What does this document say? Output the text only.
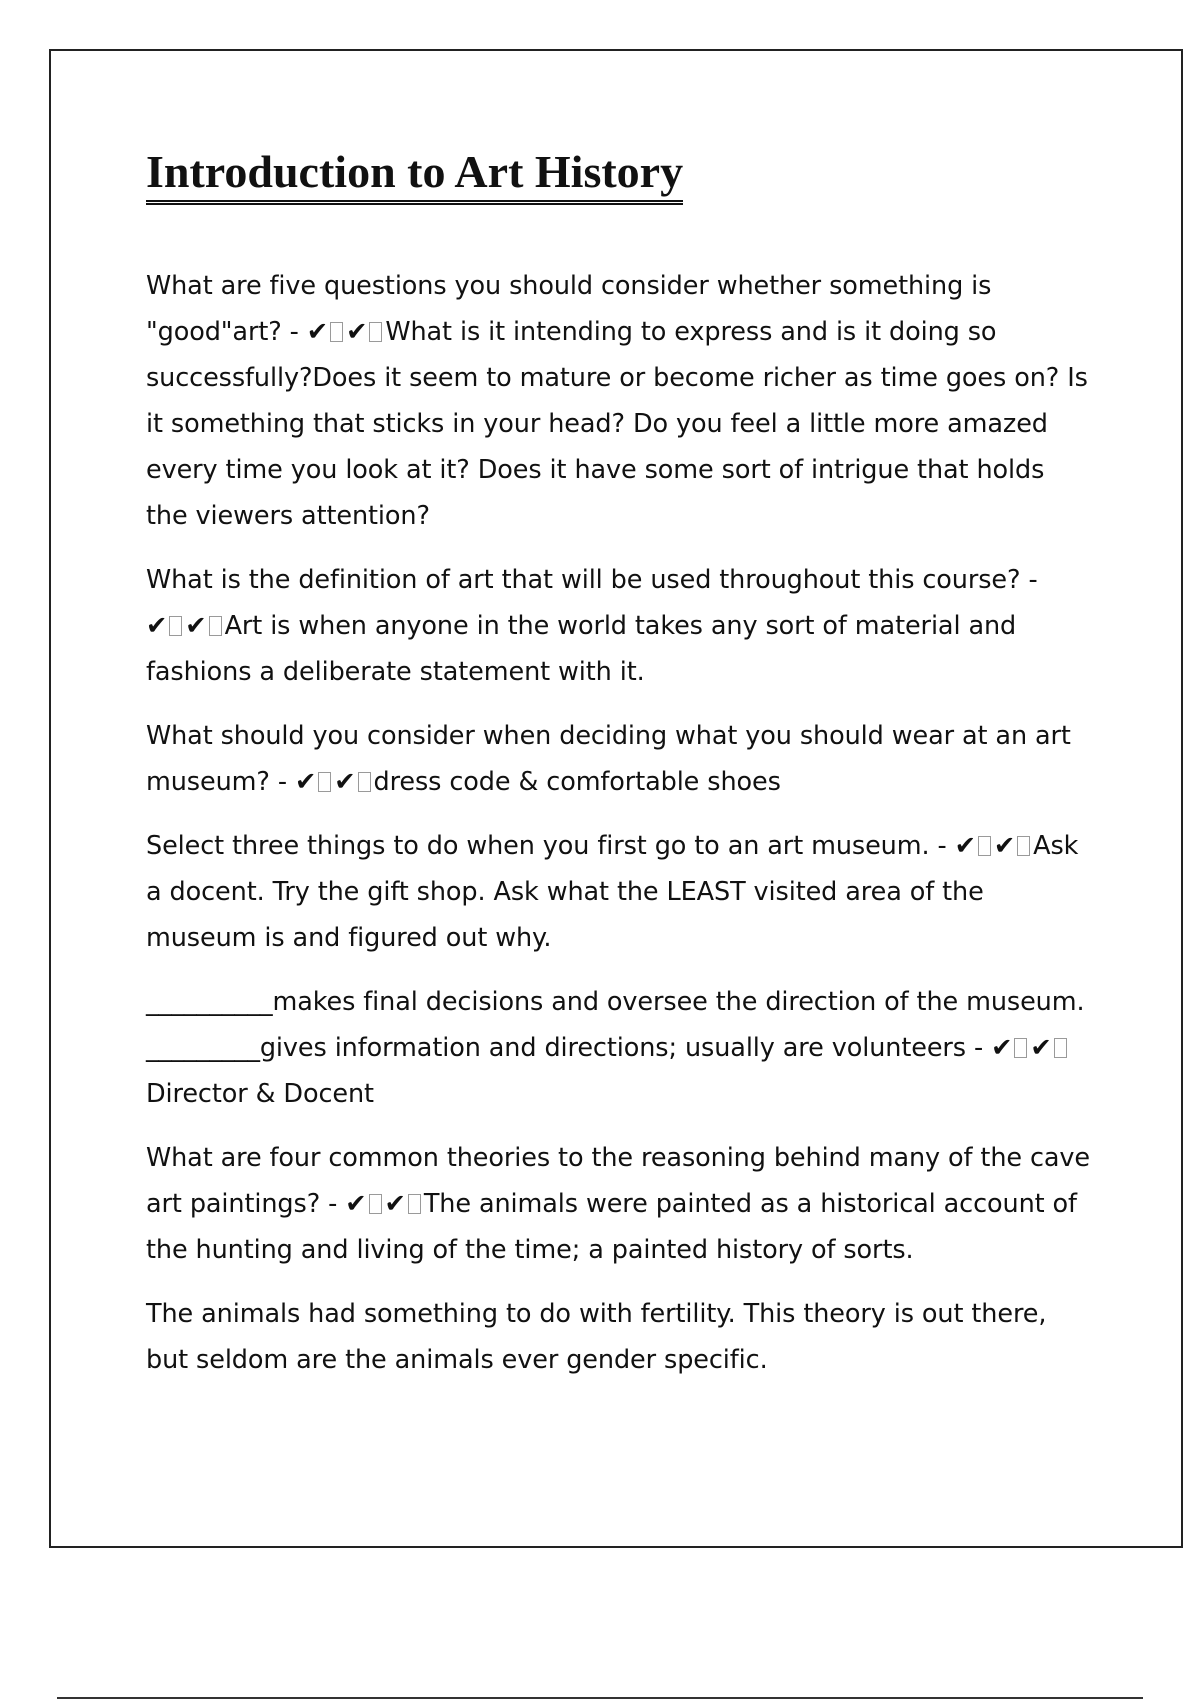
Introduction to Art History

What are five questions you should consider whether something is "good"art? - ✔ ✔ What is it intending to express and is it doing so successfully?Does it seem to mature or become richer as time goes on? Is it something that sticks in your head? Do you feel a little more amazed every time you look at it? Does it have some sort of intrigue that holds the viewers attention?

What is the definition of art that will be used throughout this course? - ✔ ✔ Art is when anyone in the world takes any sort of material and fashions a deliberate statement with it.

What should you consider when deciding what you should wear at an art museum? - ✔ ✔ dress code & comfortable shoes

Select three things to do when you first go to an art museum. - ✔ ✔ Ask a docent. Try the gift shop. Ask what the LEAST visited area of the museum is and figured out why.

__________makes final decisions and oversee the direction of the museum. _________gives information and directions; usually are volunteers - ✔ ✔Director & Docent

What are four common theories to the reasoning behind many of the cave art paintings? - ✔ ✔ The animals were painted as a historical account of the hunting and living of the time; a painted history of sorts.

The animals had something to do with fertility. This theory is out there, but seldom are the animals ever gender specific.
